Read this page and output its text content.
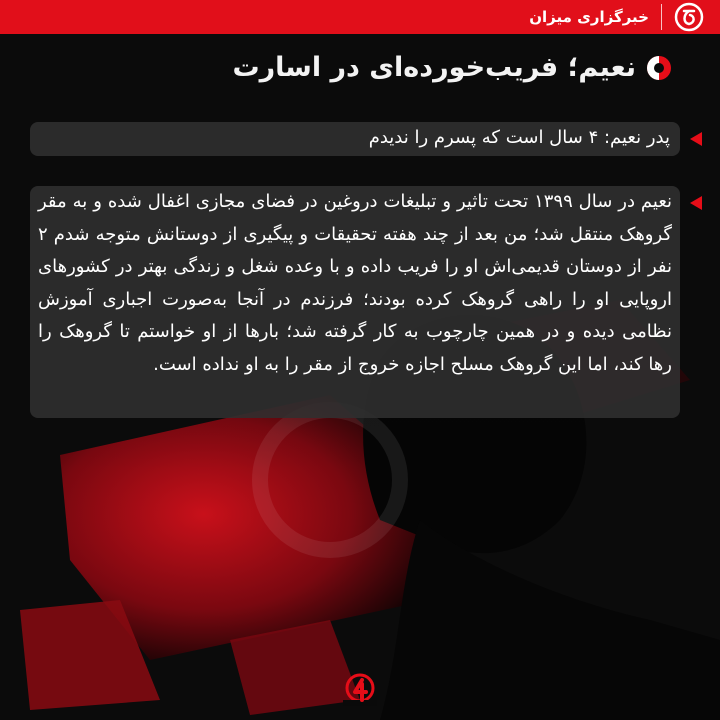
خبرگزاری میزان
نعیم؛ فریب‌خورده‌ای در اسارت
پدر نعیم: ۴ سال است که پسرم را ندیدم
نعیم در سال ۱۳۹۹ تحت تاثیر و تبلیغات دروغین در فضای مجازی اغفال شده و به مقر گروهک منتقل شد؛ من بعد از چند هفته تحقیقات و پیگیری از دوستانش متوجه شدم ۲ نفر از دوستان قدیمی‌اش او را فریب داده و با وعده شغل و زندگی بهتر در کشورهای اروپایی او را راهی گروهک کرده بودند؛ فرزندم در آنجا به‌صورت اجباری آموزش نظامی دیده و در همین چارچوب به کار گرفته شد؛ بارها از او خواستم تا گروهک را رها کند، اما این گروهک مسلح اجازه خروج از مقر را به او نداده است.
